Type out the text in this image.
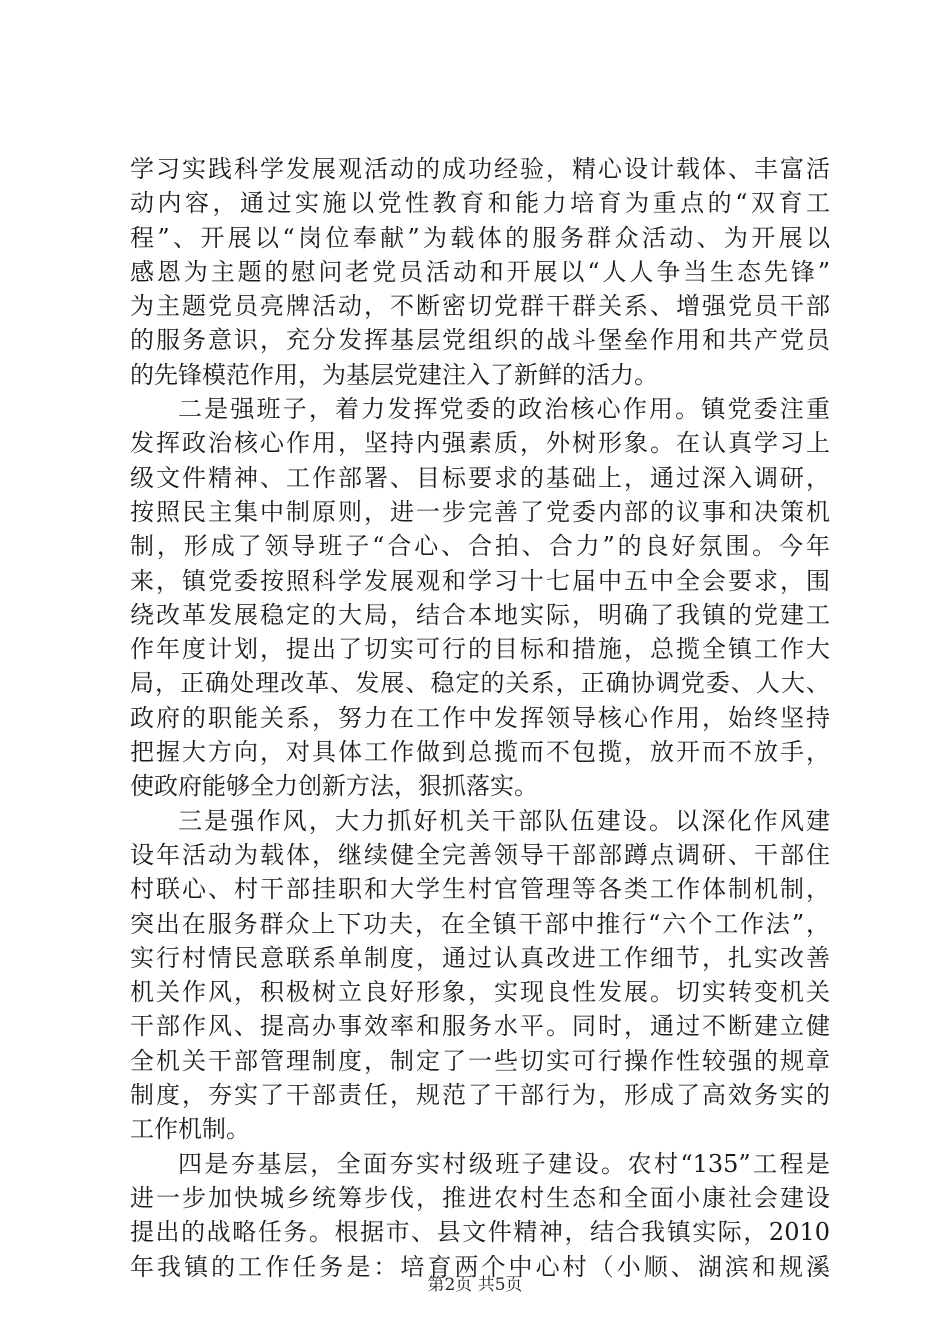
学习实践科学发展观活动的成功经验，精心设计载体、丰富活
动内容，通过实施以党性教育和能力培育为重点的“双育工
程”、开展以“岗位奉献”为载体的服务群众活动、为开展以
感恩为主题的慰问老党员活动和开展以“人人争当生态先锋”
为主题党员亮牌活动，不断密切党群干群关系、增强党员干部
的服务意识，充分发挥基层党组织的战斗堡垒作用和共产党员
的先锋模范作用，为基层党建注入了新鲜的活力。
二是强班子，着力发挥党委的政治核心作用。镇党委注重
发挥政治核心作用，坚持内强素质，外树形象。在认真学习上
级文件精神、工作部署、目标要求的基础上，通过深入调研，
按照民主集中制原则，进一步完善了党委内部的议事和决策机
制，形成了领导班子“合心、合拍、合力”的良好氛围。今年
来，镇党委按照科学发展观和学习十七届中五中全会要求，围
绕改革发展稳定的大局，结合本地实际，明确了我镇的党建工
作年度计划，提出了切实可行的目标和措施，总揽全镇工作大
局，正确处理改革、发展、稳定的关系，正确协调党委、人大、
政府的职能关系，努力在工作中发挥领导核心作用，始终坚持
把握大方向，对具体工作做到总揽而不包揽，放开而不放手，
使政府能够全力创新方法，狠抓落实。
三是强作风，大力抓好机关干部队伍建设。以深化作风建
设年活动为载体，继续健全完善领导干部部蹲点调研、干部住
村联心、村干部挂职和大学生村官管理等各类工作体制机制，
突出在服务群众上下功夫，在全镇干部中推行“六个工作法”，
实行村情民意联系单制度，通过认真改进工作细节，扎实改善
机关作风，积极树立良好形象，实现良性发展。切实转变机关
干部作风、提高办事效率和服务水平。同时，通过不断建立健
全机关干部管理制度，制定了一些切实可行操作性较强的规章
制度，夯实了干部责任，规范了干部行为，形成了高效务实的
工作机制。
四是夯基层，全面夯实村级班子建设。农村“135”工程是
进一步加快城乡统筹步伐，推进农村生态和全面小康社会建设
提出的战略任务。根据市、县文件精神，结合我镇实际，2010
年我镇的工作任务是：培育两个中心村（小顺、湖滨和规溪
第2页 共5页
